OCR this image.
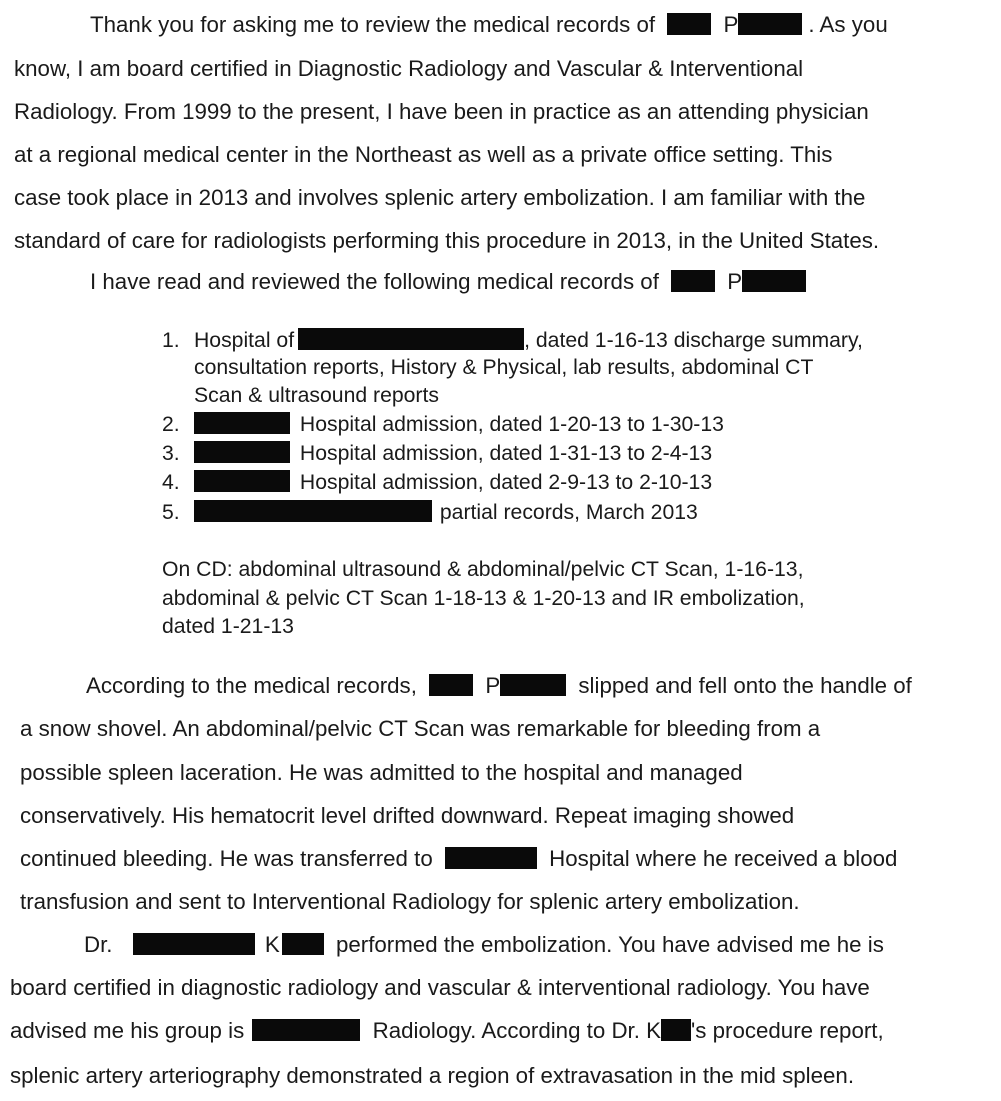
Thank you for asking me to review the medical records of	P	. As you
know, I am board certified in Diagnostic Radiology and Vascular & Interventional
Radiology. From 1999 to the present, I have been in practice as an attending physician
at a regional medical center in the Northeast as well as a private office setting. This
case took place in 2013 and involves splenic artery embolization. I am familiar with the
standard of care for radiologists performing this procedure in 2013, in the United States.
I have read and reviewed the following medical records of	P
1. Hospital of	, dated 1-16-13 discharge summary,
consultation reports, History & Physical, lab results, abdominal CT
Scan & ultrasound reports
2.	Hospital admission, dated 1-20-13 to 1-30-13
3.	Hospital admission, dated 1-31-13 to 2-4-13
4.	Hospital admission, dated 2-9-13 to 2-10-13
5.	partial records, March 2013
On CD: abdominal ultrasound & abdominal/pelvic CT Scan, 1-16-13,
abdominal & pelvic CT Scan 1-18-13 & 1-20-13 and IR embolization,
dated 1-21-13
According to the medical records,	P	slipped and fell onto the handle of
a snow shovel. An abdominal/pelvic CT Scan was remarkable for bleeding from a
possible spleen laceration. He was admitted to the hospital and managed
conservatively. His hematocrit level drifted downward. Repeat imaging showed
continued bleeding. He was transferred to	Hospital where he received a blood
transfusion and sent to Interventional Radiology for splenic artery embolization.
Dr.	K	performed the embolization. You have advised me he is
board certified in diagnostic radiology and vascular & interventional radiology. You have
advised me his group is	Radiology. According to Dr. K 's procedure report,
splenic artery arteriography demonstrated a region of extravasation in the mid spleen.
